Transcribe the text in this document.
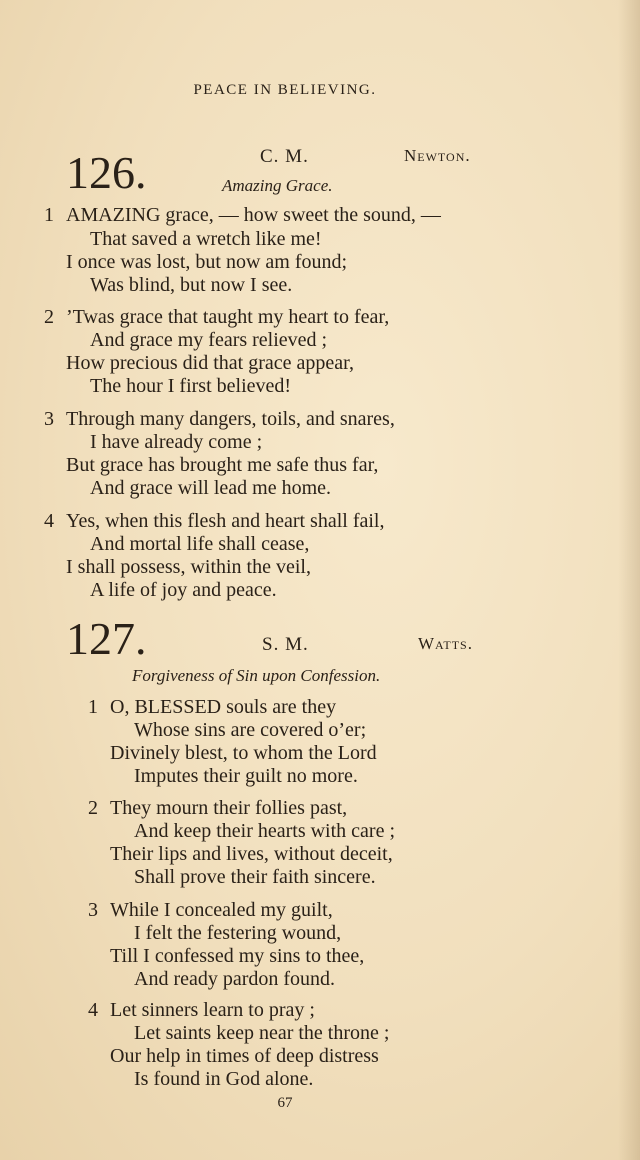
PEACE IN BELIEVING.
126.	C. M.	Newton.
Amazing Grace.
1 AMAZING grace, — how sweet the sound, —
That saved a wretch like me!
I once was lost, but now am found;
Was blind, but now I see.
2 ’Twas grace that taught my heart to fear,
And grace my fears relieved ;
How precious did that grace appear,
The hour I first believed!
3 Through many dangers, toils, and snares,
I have already come ;
But grace has brought me safe thus far,
And grace will lead me home.
4 Yes, when this flesh and heart shall fail,
And mortal life shall cease,
I shall possess, within the veil,
A life of joy and peace.
127.	S. M.	Watts.
Forgiveness of Sin upon Confession.
1 O, BLESSED souls are they
Whose sins are covered o’er;
Divinely blest, to whom the Lord
Imputes their guilt no more.
2 They mourn their follies past,
And keep their hearts with care ;
Their lips and lives, without deceit,
Shall prove their faith sincere.
3 While I concealed my guilt,
I felt the festering wound,
Till I confessed my sins to thee,
And ready pardon found.
4 Let sinners learn to pray ;
Let saints keep near the throne ;
Our help in times of deep distress
Is found in God alone.
67
